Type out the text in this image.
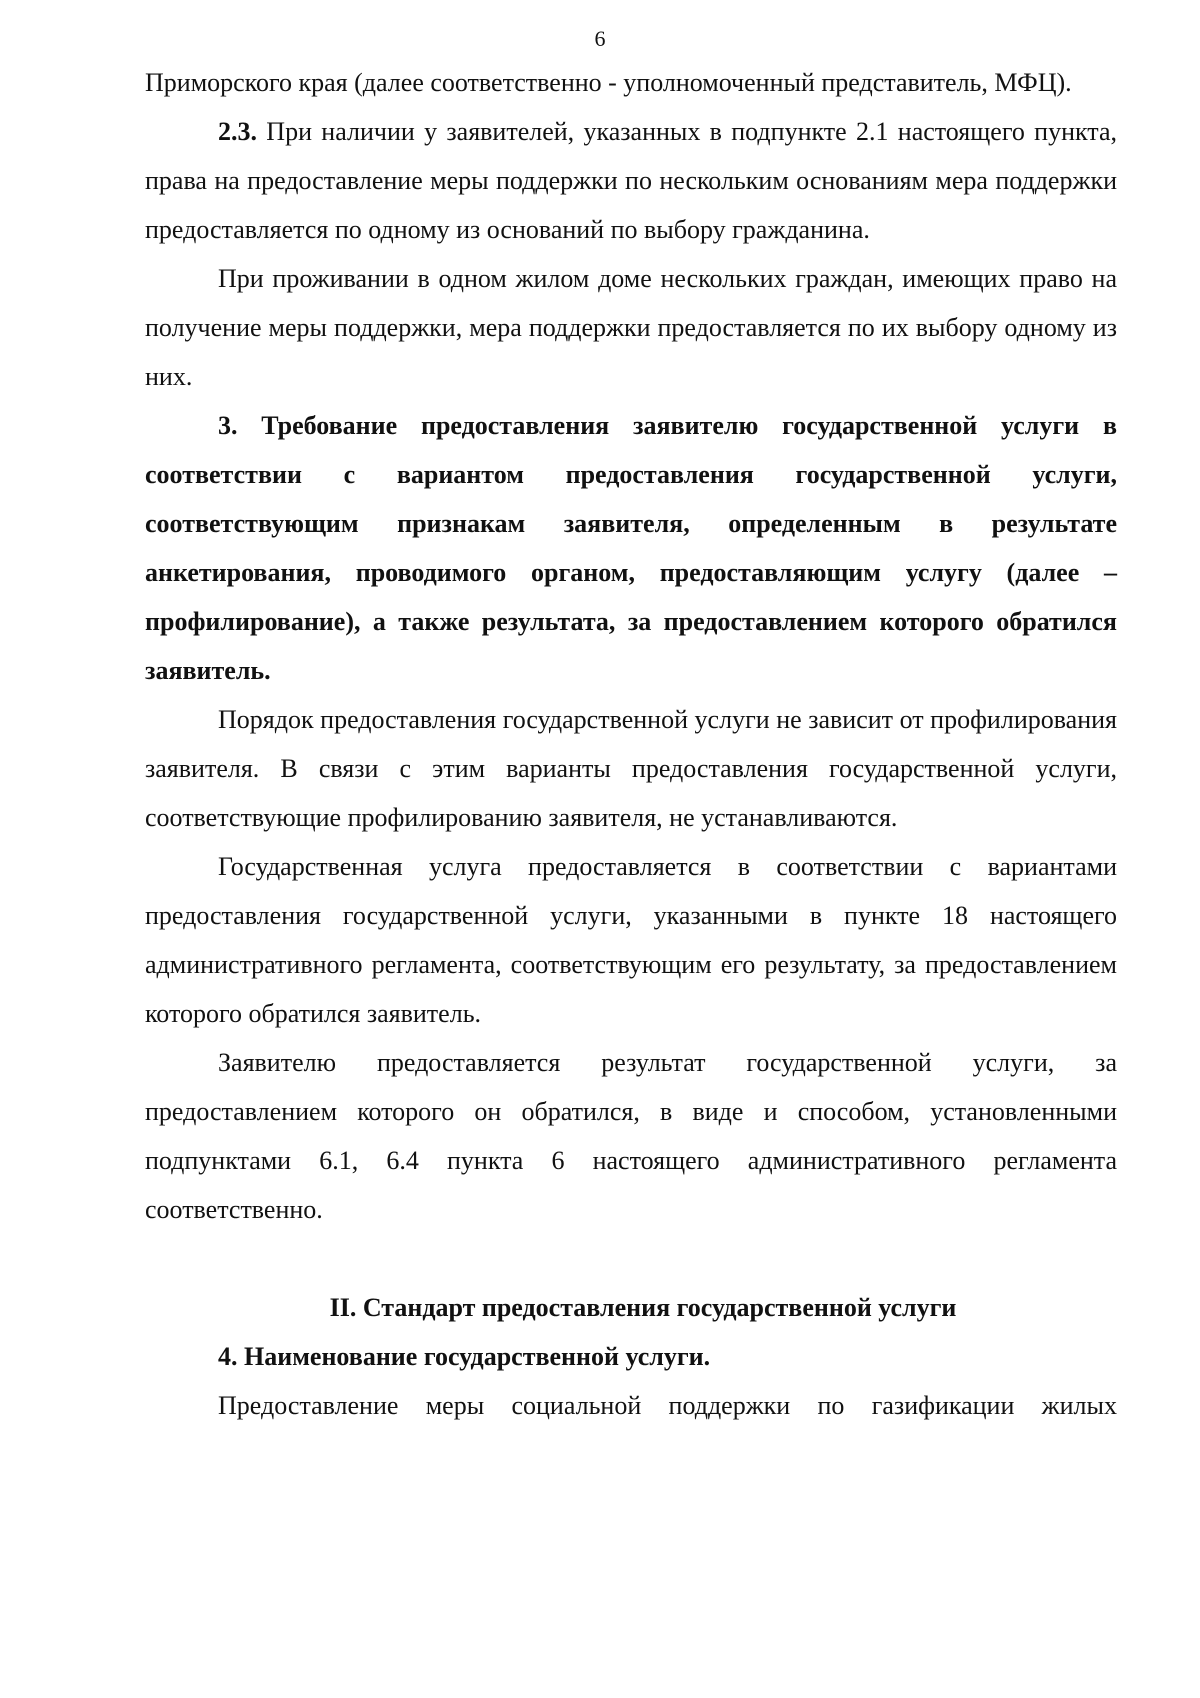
6

Приморского края (далее соответственно - уполномоченный представитель, МФЦ).

2.3. При наличии у заявителей, указанных в подпункте 2.1 настоящего пункта, права на предоставление меры поддержки по нескольким основаниям мера поддержки предоставляется по одному из оснований по выбору гражданина.

При проживании в одном жилом доме нескольких граждан, имеющих право на получение меры поддержки, мера поддержки предоставляется по их выбору одному из них.

3. Требование предоставления заявителю государственной услуги в соответствии с вариантом предоставления государственной услуги, соответствующим признакам заявителя, определенным в результате анкетирования, проводимого органом, предоставляющим услугу (далее – профилирование), а также результата, за предоставлением которого обратился заявитель.

Порядок предоставления государственной услуги не зависит от профилирования заявителя. В связи с этим варианты предоставления государственной услуги, соответствующие профилированию заявителя, не устанавливаются.

Государственная услуга предоставляется в соответствии с вариантами предоставления государственной услуги, указанными в пункте 18 настоящего административного регламента, соответствующим его результату, за предоставлением которого обратился заявитель.

Заявителю предоставляется результат государственной услуги, за предоставлением которого он обратился, в виде и способом, установленными подпунктами 6.1, 6.4 пункта 6 настоящего административного регламента соответственно.

II. Стандарт предоставления государственной услуги

4. Наименование государственной услуги.

Предоставление меры социальной поддержки по газификации жилых
